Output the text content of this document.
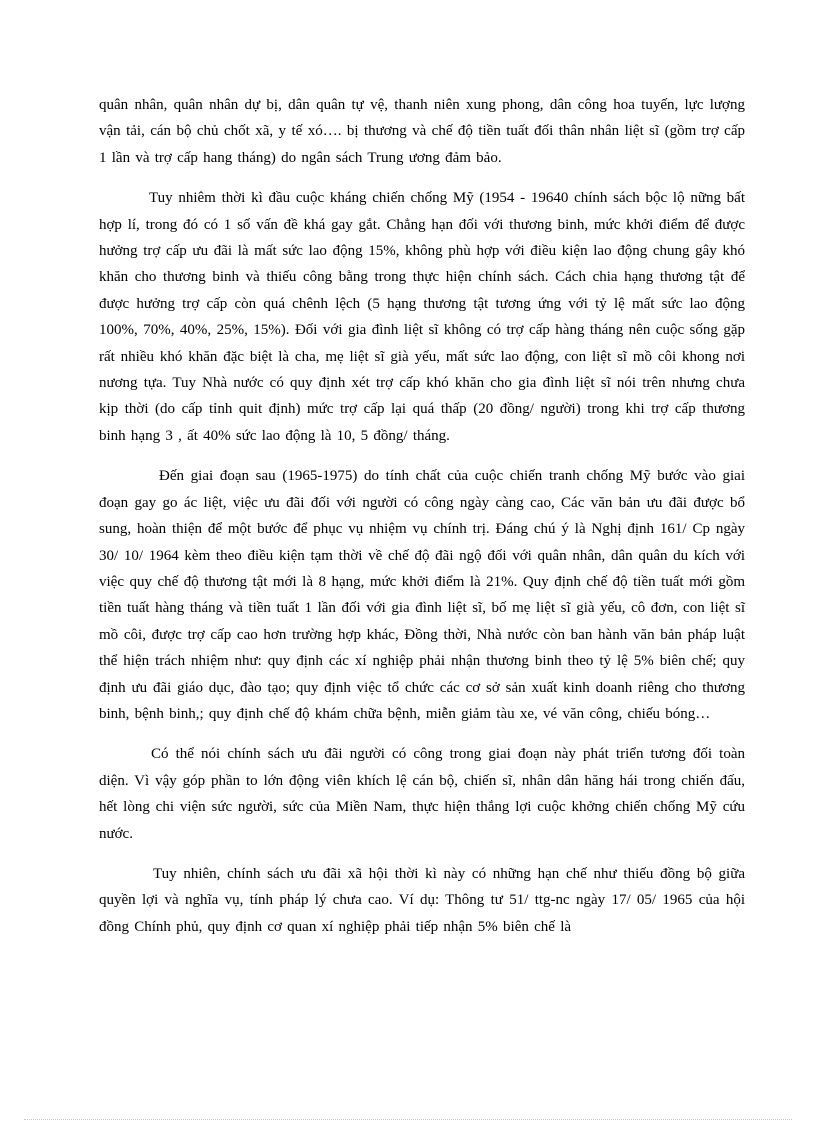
quân nhân, quân nhân dự bị, dân quân tự vệ, thanh niên xung phong, dân công hoa tuyến, lực lượng vận tải, cán bộ chủ chốt xã, y tế xó…. bị thương và chế độ tiền tuất đối thân nhân liệt sĩ (gồm trợ cấp 1 lần và trợ cấp hang tháng) do ngân sách Trung ương đảm bảo.

Tuy nhiêm thời kì đầu cuộc kháng chiến chống Mỹ (1954 - 19640 chính sách bộc lộ nững bất hợp lí, trong đó có 1 số vấn đề khá gay gắt. Chẳng hạn đối với thương binh, mức khởi điểm để được hưởng trợ cấp ưu đãi là mất sức lao động 15%, không phù hợp với điều kiện lao động chung gây khó khăn cho thương binh và thiếu công bằng trong thực hiện chính sách. Cách chia hạng thương tật để được hưởng trợ cấp còn quá chênh lệch (5 hạng thương tật tương ứng với tỷ lệ mất sức lao động 100%, 70%, 40%, 25%, 15%). Đối với gia đình liệt sĩ không có trợ cấp hàng tháng nên cuộc sống gặp rất nhiều khó khăn đặc biệt là cha, mẹ liệt sĩ già yếu, mất sức lao động, con liệt sĩ mồ côi khong nơi nương tựa. Tuy Nhà nước có quy định xét trợ cấp khó khăn cho gia đình liệt sĩ nói trên nhưng chưa kịp thời (do cấp tỉnh quit định) mức trợ cấp lại quá thấp (20 đồng/ người) trong khi trợ cấp thương binh hạng 3 , ất 40% sức lao động là 10, 5 đồng/ tháng.

Đến giai đoạn sau (1965-1975) do tính chất của cuộc chiến tranh chống Mỹ bước vào giai đoạn gay go ác liệt, việc ưu đãi đối với người có công ngày càng cao, Các văn bản ưu đãi được bổ sung, hoàn thiện để một bước để phục vụ nhiệm vụ chính trị. Đáng chú ý là Nghị định 161/ Cp ngày 30/ 10/ 1964 kèm theo điều kiện tạm thời về chế độ đãi ngộ đối với quân nhân, dân quân du kích với việc quy chế độ thương tật mới là 8 hạng, mức khởi điểm là 21%. Quy định chế độ tiền tuất mới gồm tiền tuất hàng tháng và tiền tuất 1 lần đối với gia đình liệt sĩ, bố mẹ liệt sĩ già yếu, cô đơn, con liệt sĩ mồ côi, được trợ cấp cao hơn trường hợp khác, Đồng thời, Nhà nước còn ban hành văn bản pháp luật thể hiện trách nhiệm như: quy định các xí nghiệp phải nhận thương binh theo tỷ lệ 5% biên chế; quy định ưu đãi giáo dục, đào tạo; quy định việc tổ chức các cơ sở sản xuất kinh doanh riêng cho thương binh, bệnh binh,; quy định chế độ khám chữa bệnh, miễn giảm tàu xe, vé văn công, chiếu bóng…

Có thể nói chính sách ưu đãi người có công trong giai đoạn này phát triển tương đối toàn diện. Vì vậy góp phần to lớn động viên khích lệ cán bộ, chiến sĩ, nhân dân hăng hái trong chiến đấu, hết lòng chi viện sức người, sức của Miền Nam, thực hiện thắng lợi cuộc khởng chiến chống Mỹ cứu nước.

Tuy nhiên, chính sách ưu đãi xã hội thời kì này có những hạn chế như thiếu đồng bộ giữa quyền lợi và nghĩa vụ, tính pháp lý chưa cao. Ví dụ: Thông tư 51/ ttg-nc ngày 17/ 05/ 1965 của hội đồng Chính phủ, quy định cơ quan xí nghiệp phải tiếp nhận 5% biên chế là
